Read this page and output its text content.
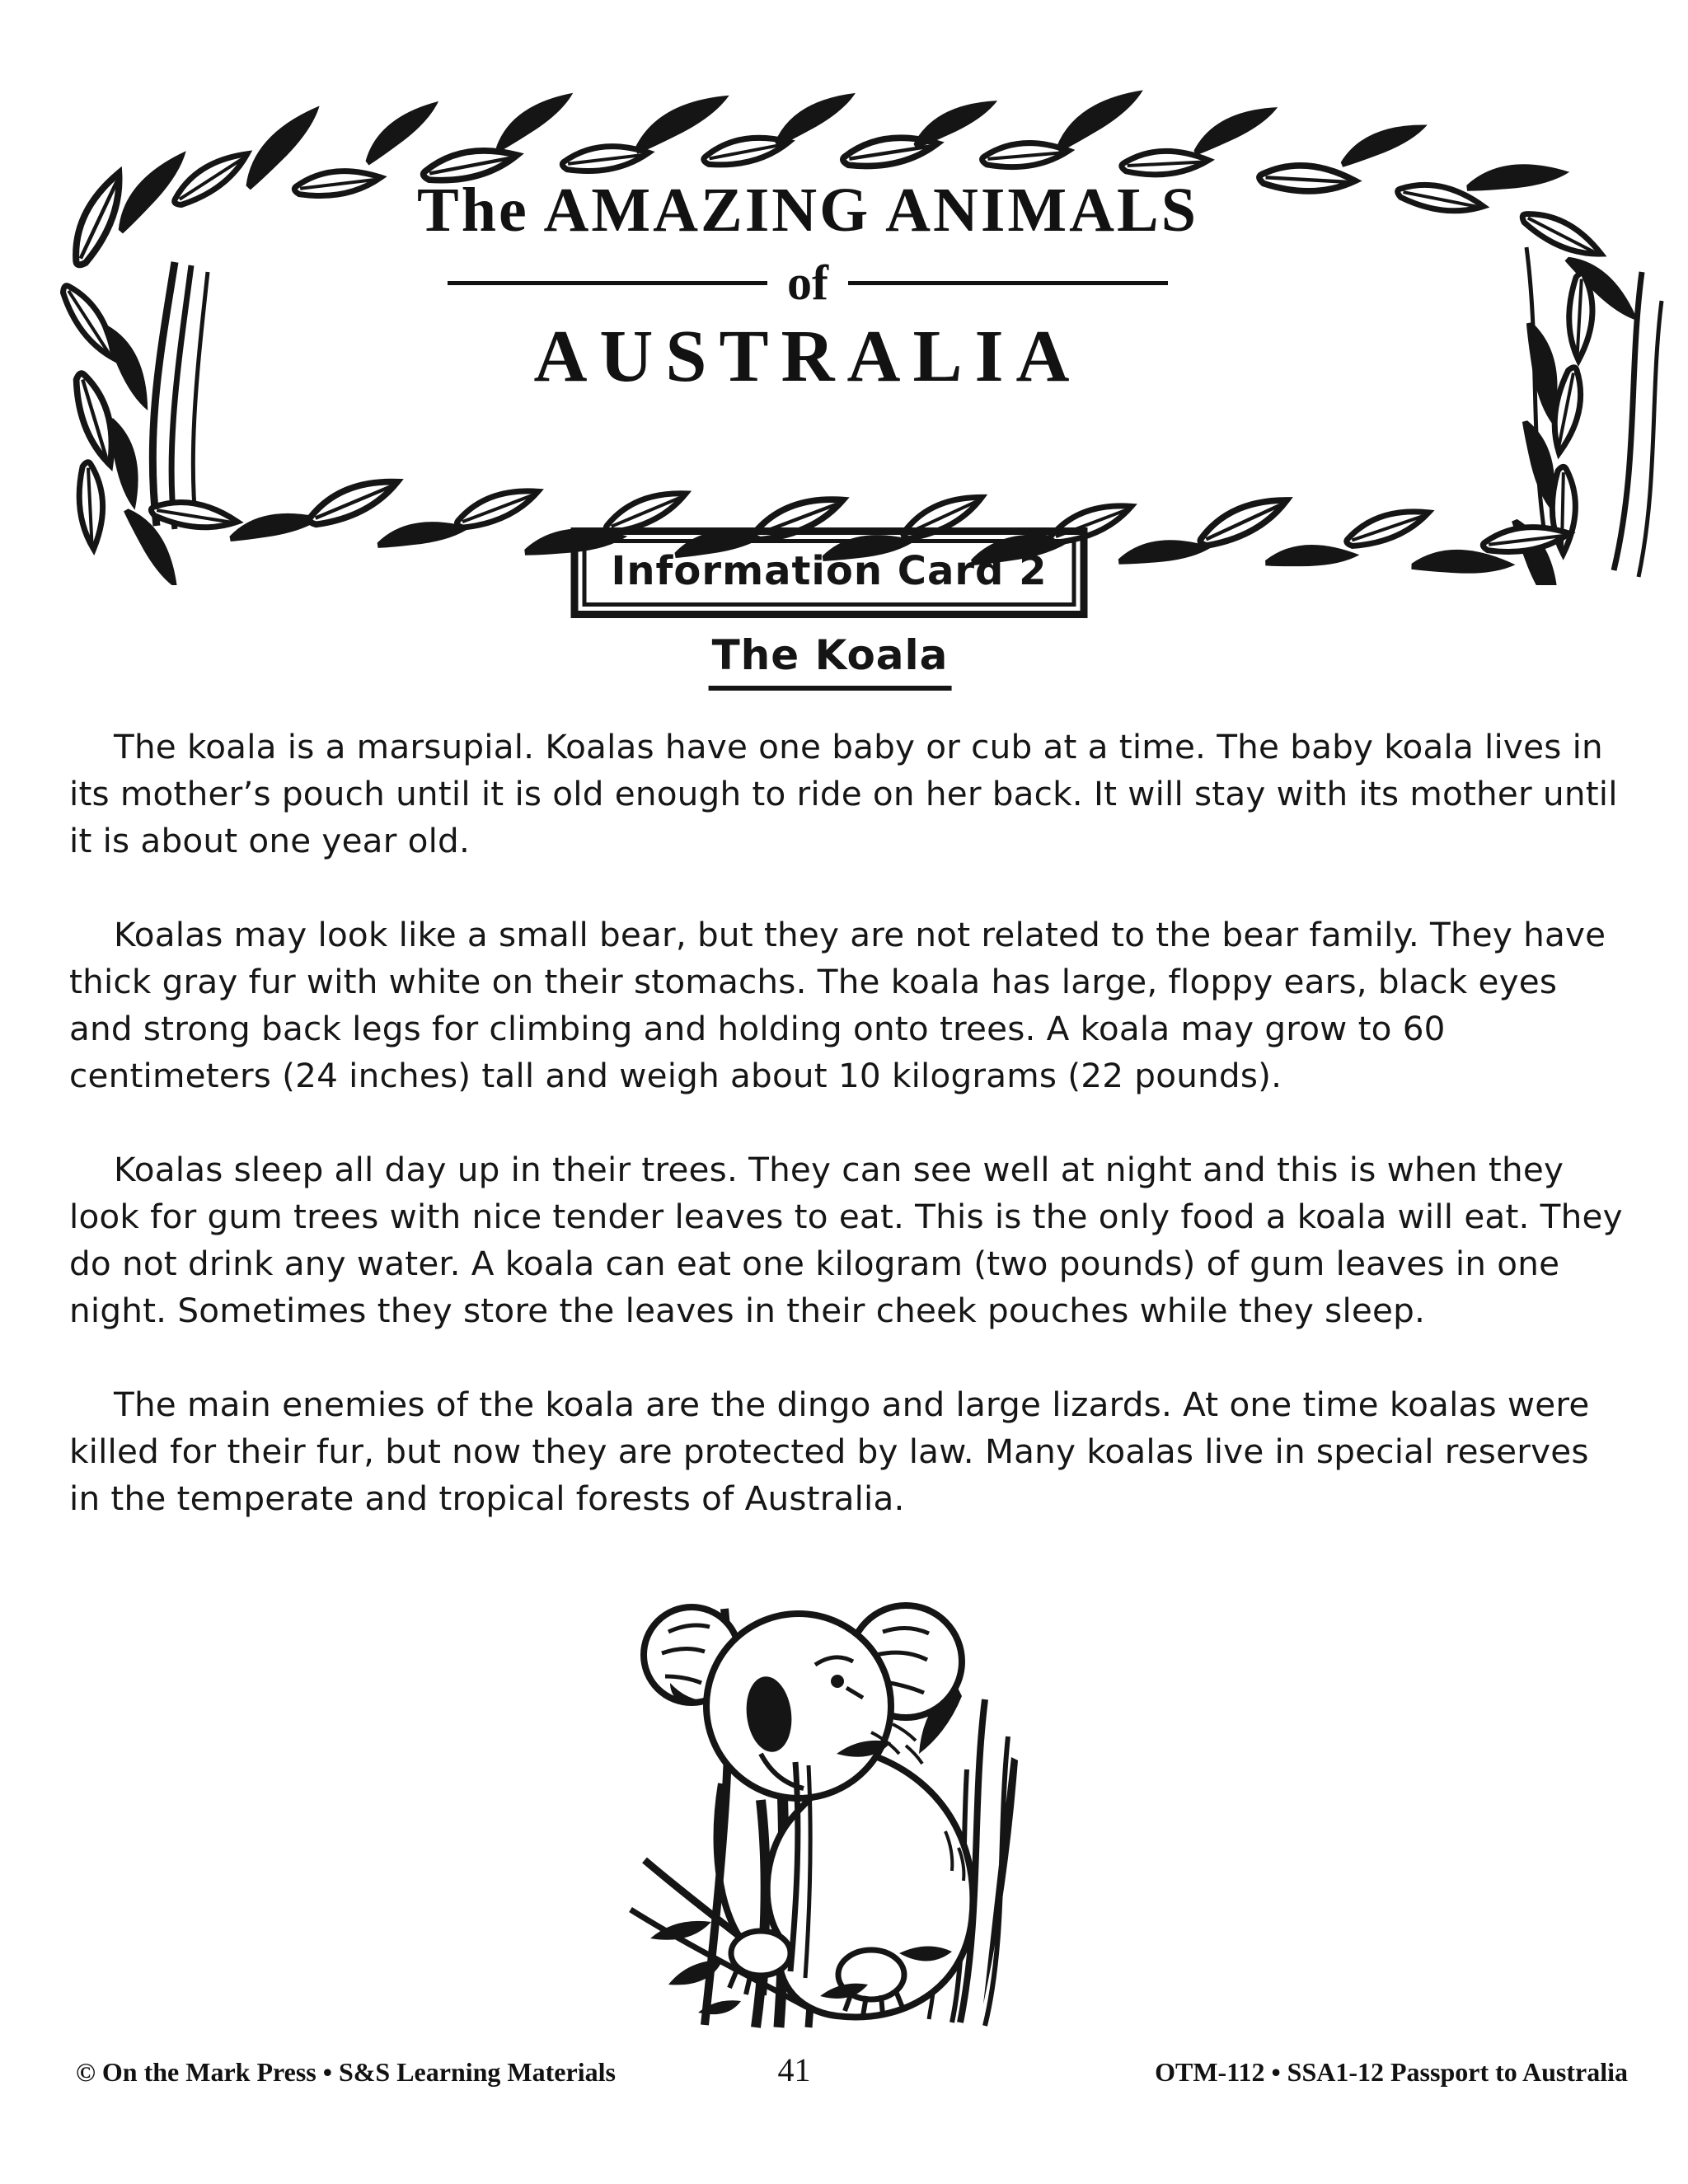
The AMAZING ANIMALS
of
AUSTRALIA
Information Card 2
The Koala

The koala is a marsupial. Koalas have one baby or cub at a time. The baby koala lives in its mother’s pouch until it is old enough to ride on her back. It will stay with its mother until it is about one year old.

Koalas may look like a small bear, but they are not related to the bear family. They have thick gray fur with white on their stomachs. The koala has large, floppy ears, black eyes and strong back legs for climbing and holding onto trees. A koala may grow to 60 centimeters (24 inches) tall and weigh about 10 kilograms (22 pounds).

Koalas sleep all day up in their trees. They can see well at night and this is when they look for gum trees with nice tender leaves to eat. This is the only food a koala will eat. They do not drink any water. A koala can eat one kilogram (two pounds) of gum leaves in one night. Sometimes they store the leaves in their cheek pouches while they sleep.

The main enemies of the koala are the dingo and large lizards. At one time koalas were killed for their fur, but now they are protected by law. Many koalas live in special reserves in the temperate and tropical forests of Australia.

© On the Mark Press • S&S Learning Materials	41	OTM-112 • SSA1-12 Passport to Australia
